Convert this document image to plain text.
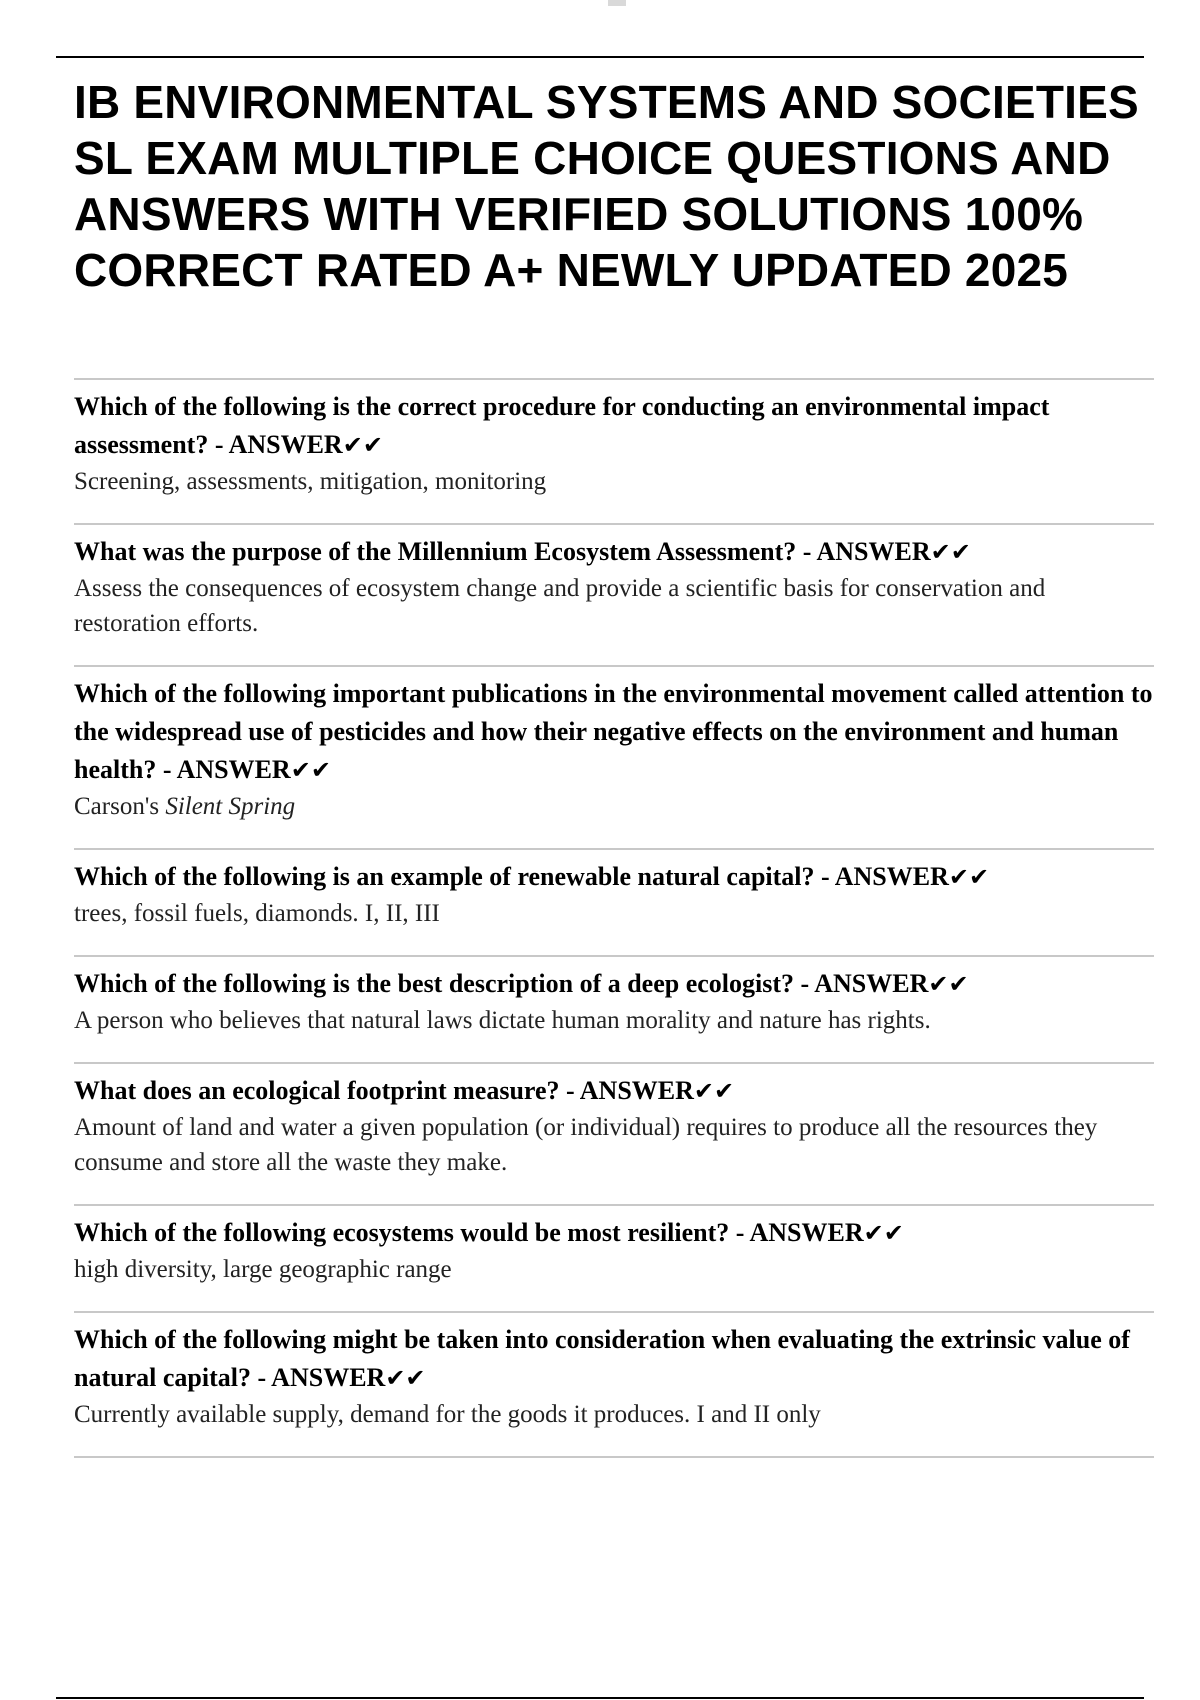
IB ENVIRONMENTAL SYSTEMS AND SOCIETIES SL EXAM MULTIPLE CHOICE QUESTIONS AND ANSWERS WITH VERIFIED SOLUTIONS 100% CORRECT RATED A+ NEWLY UPDATED 2025

Which of the following is the correct procedure for conducting an environmental impact assessment? - ANSWER✔✔

Screening, assessments, mitigation, monitoring

What was the purpose of the Millennium Ecosystem Assessment? - ANSWER✔✔

Assess the consequences of ecosystem change and provide a scientific basis for conservation and restoration efforts.

Which of the following important publications in the environmental movement called attention to the widespread use of pesticides and how their negative effects on the environment and human health? - ANSWER✔✔

Carson's Silent Spring

Which of the following is an example of renewable natural capital? - ANSWER✔✔

trees, fossil fuels, diamonds. I, II, III

Which of the following is the best description of a deep ecologist? - ANSWER✔✔

A person who believes that natural laws dictate human morality and nature has rights.

What does an ecological footprint measure? - ANSWER✔✔

Amount of land and water a given population (or individual) requires to produce all the resources they consume and store all the waste they make.

Which of the following ecosystems would be most resilient? - ANSWER✔✔

high diversity, large geographic range

Which of the following might be taken into consideration when evaluating the extrinsic value of natural capital? - ANSWER✔✔

Currently available supply, demand for the goods it produces. I and II only
